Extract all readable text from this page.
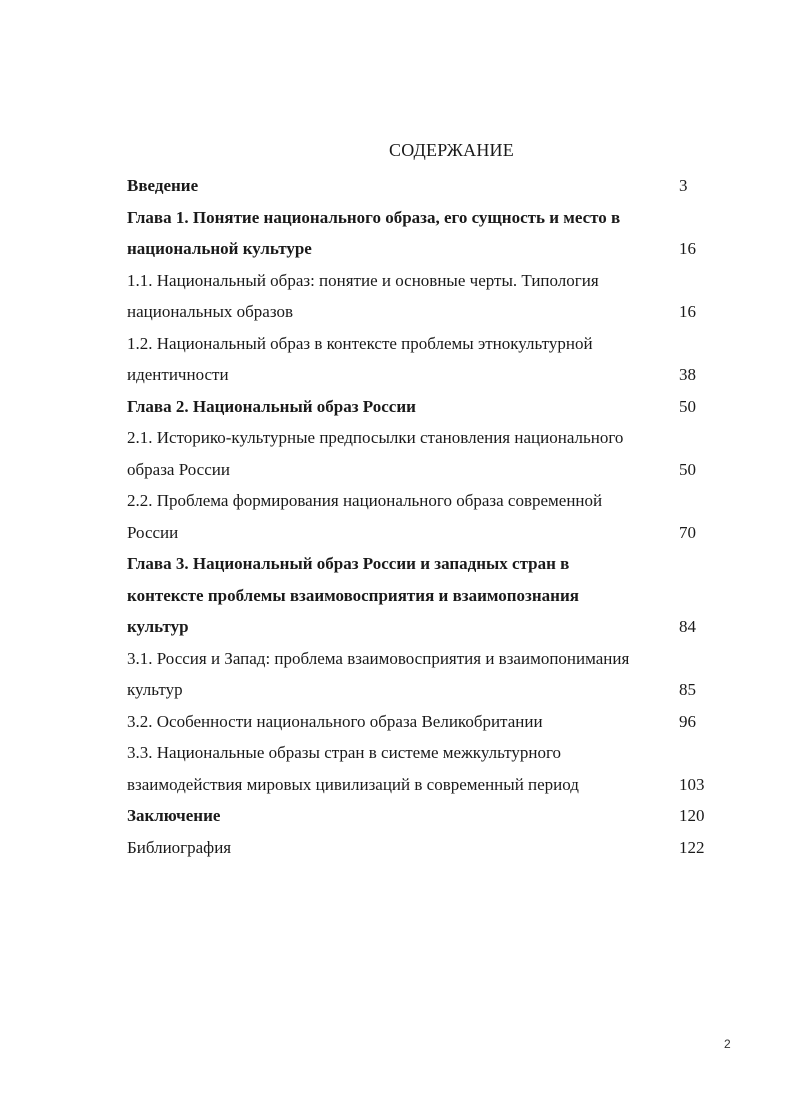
СОДЕРЖАНИЕ
Введение	3
Глава 1. Понятие национального образа, его сущность и место в
национальной культуре	16
1.1. Национальный образ: понятие и основные черты. Типология
национальных образов	16
1.2. Национальный образ в контексте проблемы этнокультурной
идентичности	38
Глава 2. Национальный образ России	50
2.1. Историко-культурные предпосылки становления национального
образа России	50
2.2. Проблема формирования национального образа современной
России	70
Глава 3. Национальный образ России и западных стран в
контексте проблемы взаимовосприятия и взаимопознания
культур	84
3.1. Россия и Запад: проблема взаимовосприятия и взаимопонимания
культур	85
3.2. Особенности национального образа Великобритании	96
3.3. Национальные образы стран в системе межкультурного
взаимодействия мировых цивилизаций в современный период	103
Заключение	120
Библиография	122
2
